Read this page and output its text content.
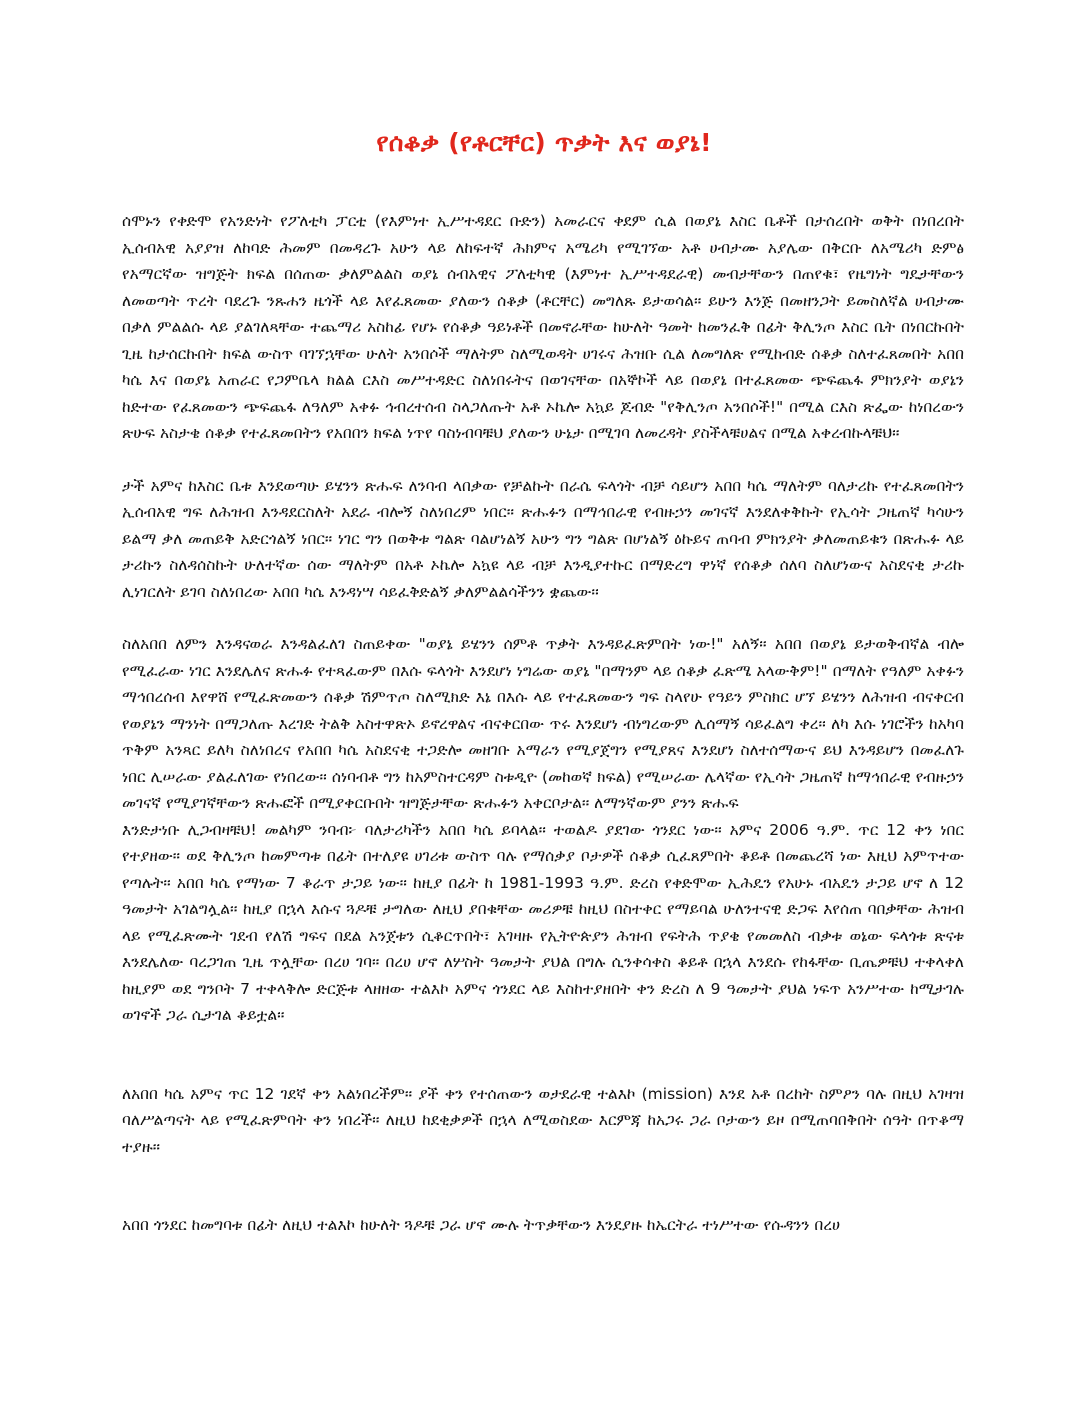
የሰቆቃ (የቶርቸር) ጥቃት እና ወያኔ!

ሰሞኑን የቀድሞ የአንድነት የፖለቲካ ፓርቲ (የእምነተ ኢሥተዳደር ቡድን) አመራርና ቀደም ሲል በወያኔ እስር ቤቶች በታሰረበት ወቅት በነበረበት ኢሰብአዊ አያያዝ ለከባድ ሕመም በመዳረጉ አሁን ላይ ለከፍተኛ ሕክምና አሜሪካ የሚገኘው አቶ ሀብታሙ አያሌው በቅርቡ ለአሜሪካ ድምፅ የአማርኛው ዝግጅት ክፍል በሰጠው ቃለምልልስ ወያኔ ሰብአዊና ፖለቲካዊ (እምነተ ኢሥተዳደራዊ) መብታቸውን በጠየቁ፣ የዜግነት ግዴታቸውን ለመወጣት ጥረት ባደረጉ ንጹሐን ዜጎች ላይ እየፈጸመው ያለውን ሰቆቃ (ቶርቸር) መግለጹ ይታወሳል፡፡ ይሁን እንጅ በመዘንጋት ይመስለኛል ሀብታሙ በቃለ ምልልሱ ላይ ያልገለጻቸው ተጨማሪ አስከፊ የሆኑ የሰቆቃ ዓይነቶች በመኖራቸው ከሁለት ዓመት ከመንፈቅ በፊት ቅሊንጦ እስር ቤት በነበርኩበት ጊዜ ከታሰርኩበት ክፍል ውስጥ ባገኘኋቸው ሁለት አንበሶች ማለትም ስለሚወዳት ሀገሩና ሕዝቡ ሲል ለመግለጽ የሚከብድ ሰቆቃ ስለተፈጸመበት አበበ ካሴ እና በወያኔ አጠራር የጋምቤላ ክልል ርእስ መሥተዳድር ስለነበሩትና በወገናቸው በአኞኮች ላይ በወያኔ በተፈጸመው ጭፍጨፋ ምክንያት ወያኔን ከድተው የፈጸመውን ጭፍጨፋ ለዓለም አቀፉ ኅብረተሰብ ስላጋለጡት አቶ ኦኬሎ አኳይ ጆብድ "የቅሊንጦ አንበሶች!" በሚል ርእስ ጽፌው ከነበረውን ጽሁፍ አስታቄ ሰቆቃ የተፈጸመበትን የአበበን ክፍል ነጥየ ባስነብባቹህ ያለውን ሁኔታ በሚገባ ለመረዳት ያስችላቹሀልና በሚል አቀረብኩላቹህ፡፡

ታች አምና ከእስር ቤቱ እንደወጣሁ ይሄንን ጽሑፍ ለንባብ ላበቃው የቻልኩት በራሴ ፍላጎት ብቻ ሳይሆን አበበ ካሴ ማለትም ባለታሪኩ የተፈጸመበትን ኢሰብአዊ ግፍ ለሕዝብ እንዳደርስለት አደራ ብሎኝ ስለነበረም ነበር፡፡ ጽሑፉን በማኅበራዊ የብዙኃን መገናኛ እንደለቀቅኩት የኢሳት ጋዜጠኛ ካሳሁን ይልማ ቃለ መጠይቅ አድርጎልኝ ነበር፡፡ ነገር ግን በወቅቱ ግልጽ ባልሆነልኝ አሁን ግን ግልጽ በሆነልኝ ዕኩይና ጠባብ ምክንያት ቃለመጠይቁን በጽሑፉ ላይ ታሪኩን ስለዳሰስኩት ሁለተኛው ሰው ማለትም በአቶ ኦኬሎ አኳዩ ላይ ብቻ እንዲያተኩር በማድረግ ዋነኛ የሰቆቃ ሰለባ ስለሆነውና አስደናቂ ታሪኩ ሊነገርለት ይገባ ስለነበረው አበበ ካሴ እንዳነሣ ሳይፈቅድልኝ ቃለምልልሳችንን ቋጨው፡፡

ስለአበበ ለምን እንዳናወራ እንዳልፈለገ ስጠይቀው "ወያኔ ይሄንን ሰምቶ ጥቃት እንዳይፈጽምበት ነው!" አለኝ፡፡ አበበ በወያኔ ይታወቅብኛል ብሎ የሚፈራው ነገር እንደሌለና ጽሑፉ የተጻፈውም በእሱ ፍላጎት እንደሆነ ነግሬው ወያኔ "በማንም ላይ ሰቆቃ ፈጽሜ አላውቅም!" በማለት የዓለም አቀፉን ማኅበረሰብ እየዋሸ የሚፈጽመውን ሰቆቃ ሽምጥጦ ስለሚክድ እኔ በእሱ ላይ የተፈጸመውን ግፍ ስላየሁ የዓይን ምስክር ሆኘ ይሄንን ለሕዝብ ብናቀርብ የወያኔን ማንነት በማጋለጡ እረገድ ትልቅ አስተዋጽኦ ይኖረዋልና ብናቀርበው ጥሩ እንደሆነ ብነግረውም ሊሰማኝ ሳይፈልግ ቀረ፡፡ ለካ እሱ ነገሮችን ከአካባ ጥቅም አንጻር ይለካ ስለነበረና የአበበ ካሴ አስደናቂ ተጋድሎ መዘገቡ አማራን የሚያጀግን የሚያጸና እንደሆነ ስለተሰማውና ይህ እንዳይሆን በመፈለጉ ነበር ሊሠራው ያልፈለገው የነበረው፡፡ ሰነባብቶ ግን ከአምስተርዳም ስቱዲዮ (መከወኛ ክፍል) የሚሠራው ሌላኛው የኢሳት ጋዜጠኛ ከማኅበራዊ የብዙኃን መገናኛ የሚያገኛቸውን ጽሑፎች በሚያቀርቡበት ዝግጅታቸው ጽሑፉን አቀርቦታል፡፡ ለማንኛውም ያንን ጽሑፍ

እንድታነቡ ሊጋብዛቹህ! መልካም ንባብ፦ ባለታሪካችን አበበ ካሴ ይባላል፡፡ ተወልዶ ያደገው ጎንደር ነው፡፡ አምና 2006 ዓ.ም. ጥር 12 ቀን ነበር የተያዘው፡፡ ወደ ቅሊንጦ ከመምጣቱ በፊት በተለያዩ ሀገሪቱ ውስጥ ባሉ የማሰቃያ ቦታዎች ሰቆቃ ሲፈጸምበት ቆይቶ በመጨረሻ ነው እዚህ አምጥተው የጣሉት፡፡ አበበ ካሴ የማነው 7 ቆራጥ ታጋይ ነው፡፡ ከዚያ በፊት ከ 1981-1993 ዓ.ም. ድረስ የቀድሞው ኢሕዴን የአሁኑ ብአዴን ታጋይ ሆኖ ለ 12 ዓመታት አገልግሏል፡፡ ከዚያ በኋላ እሱና ጓዶቹ ታግለው ለዚህ ያበቁቸው መሪዎቹ ከዚህ በስተቀር የማይባል ሁለንተናዊ ድጋፍ እየሰጠ ባበቃቸው ሕዝብ ላይ የሚፈጽሙት ገደብ የለሽ ግፍና በደል አንጀቱን ሲቆርጥበት፣ አገዛዙ የኢትዮጵያን ሕዝብ የፍትሕ ጥያቄ የመመለስ ብቃቱ ወኔው ፍላጎቱ ጽናቱ እንደሌለው ባረጋገጠ ጊዜ ጥሏቸው በረሀ ገባ፡፡ በረሀ ሆኖ ለሦስት ዓመታት ያህል በግሉ ሲንቀሳቀስ ቆይቶ በኋላ እንደሱ የከፋቸው ቢጤዎቹህ ተቀላቀለ ከዚያም ወደ ግንቦት 7 ተቀላቅሎ ድርጅቱ ላዘዘው ተልእኮ አምና ጎንደር ላይ እስከተያዘበት ቀን ድረስ ለ 9 ዓመታት ያህል ነፍጥ አንሥተው ከሚታገሉ ወገኖች ጋራ ሲታገል ቆይቷል፡፡

ለአበበ ካሴ አምና ጥር 12 ገደኛ ቀን አልነበረችም፡፡ ያች ቀን የተሰጠውን ወታደራዊ ተልእኮ (mission) እንደ አቶ በረከት ስምዖን ባሉ በዚህ አገዛዝ ባለሥልጣናት ላይ የሚፈጽምባት ቀን ነበረች፡፡ ለዚህ ከደቂቃዎች በኋላ ለሚወስደው እርምጃ ከአጋሩ ጋራ ቦታውን ይዞ በሚጠባበቅበት ሰዓት በጥቆማ ተያዙ፡፡

አበበ ጎንደር ከመግባቱ በፊት ለዚህ ተልእኮ ከሁለት ጓዶቹ ጋራ ሆኖ ሙሉ ትጥቃቸውን እንደያዙ ከኤርትራ ተነሥተው የሱዳንን በረሀ
